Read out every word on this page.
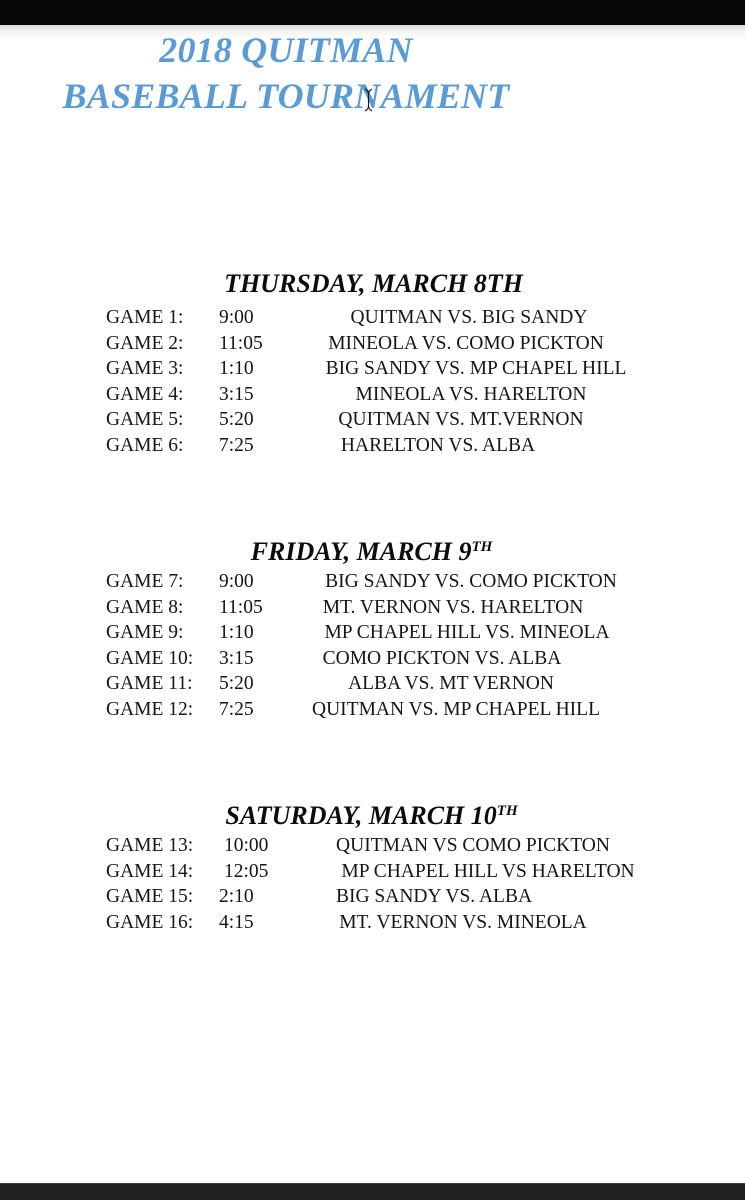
2018 QUITMAN
BASEBALL TOURNAMENT
THURSDAY, MARCH 8TH
GAME 1: 9:00	QUITMAN VS. BIG SANDY
GAME 2: 11:05	MINEOLA VS. COMO PICKTON
GAME 3: 1:10	BIG SANDY VS. MP CHAPEL HILL
GAME 4: 3:15	MINEOLA VS. HARELTON
GAME 5: 5:20	QUITMAN VS. MT.VERNON
GAME 6: 7:25	HARELTON VS. ALBA
FRIDAY, MARCH 9TH
GAME 7: 9:00	BIG SANDY VS. COMO PICKTON
GAME 8: 11:05	MT. VERNON VS. HARELTON
GAME 9: 1:10	MP CHAPEL HILL VS. MINEOLA
GAME 10: 3:15	COMO PICKTON VS. ALBA
GAME 11: 5:20	ALBA VS. MT VERNON
GAME 12: 7:25	QUITMAN VS. MP CHAPEL HILL
SATURDAY, MARCH 10TH
GAME 13: 10:00	QUITMAN VS COMO PICKTON
GAME 14: 12:05	MP CHAPEL HILL VS HARELTON
GAME 15: 2:10	BIG SANDY VS. ALBA
GAME 16: 4:15	MT. VERNON VS. MINEOLA
